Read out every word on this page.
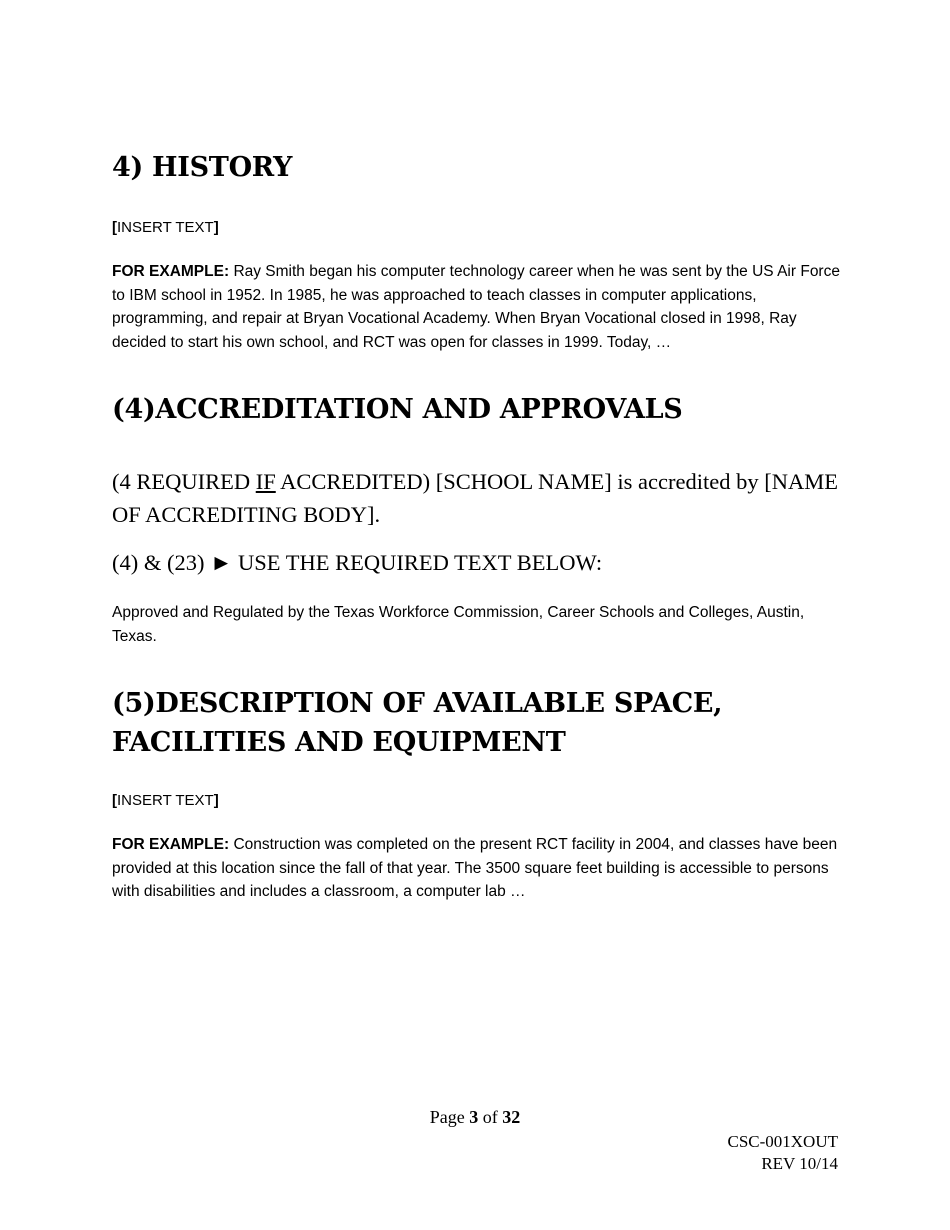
4) HISTORY

[INSERT TEXT]

FOR EXAMPLE: Ray Smith began his computer technology career when he was sent by the US Air Force to IBM school in 1952. In 1985, he was approached to teach classes in computer applications, programming, and repair at Bryan Vocational Academy. When Bryan Vocational closed in 1998, Ray decided to start his own school, and RCT was open for classes in 1999. Today, …

(4)ACCREDITATION AND APPROVALS

(4 REQUIRED IF ACCREDITED) [SCHOOL NAME] is accredited by [NAME OF ACCREDITING BODY].

(4) & (23) ► USE THE REQUIRED TEXT BELOW:

Approved and Regulated by the Texas Workforce Commission, Career Schools and Colleges, Austin, Texas.

(5)DESCRIPTION OF AVAILABLE SPACE, FACILITIES AND EQUIPMENT

[INSERT TEXT]

FOR EXAMPLE: Construction was completed on the present RCT facility in 2004, and classes have been provided at this location since the fall of that year. The 3500 square feet building is accessible to persons with disabilities and includes a classroom, a computer lab …

Page 3 of 32
CSC-001XOUT
REV 10/14
